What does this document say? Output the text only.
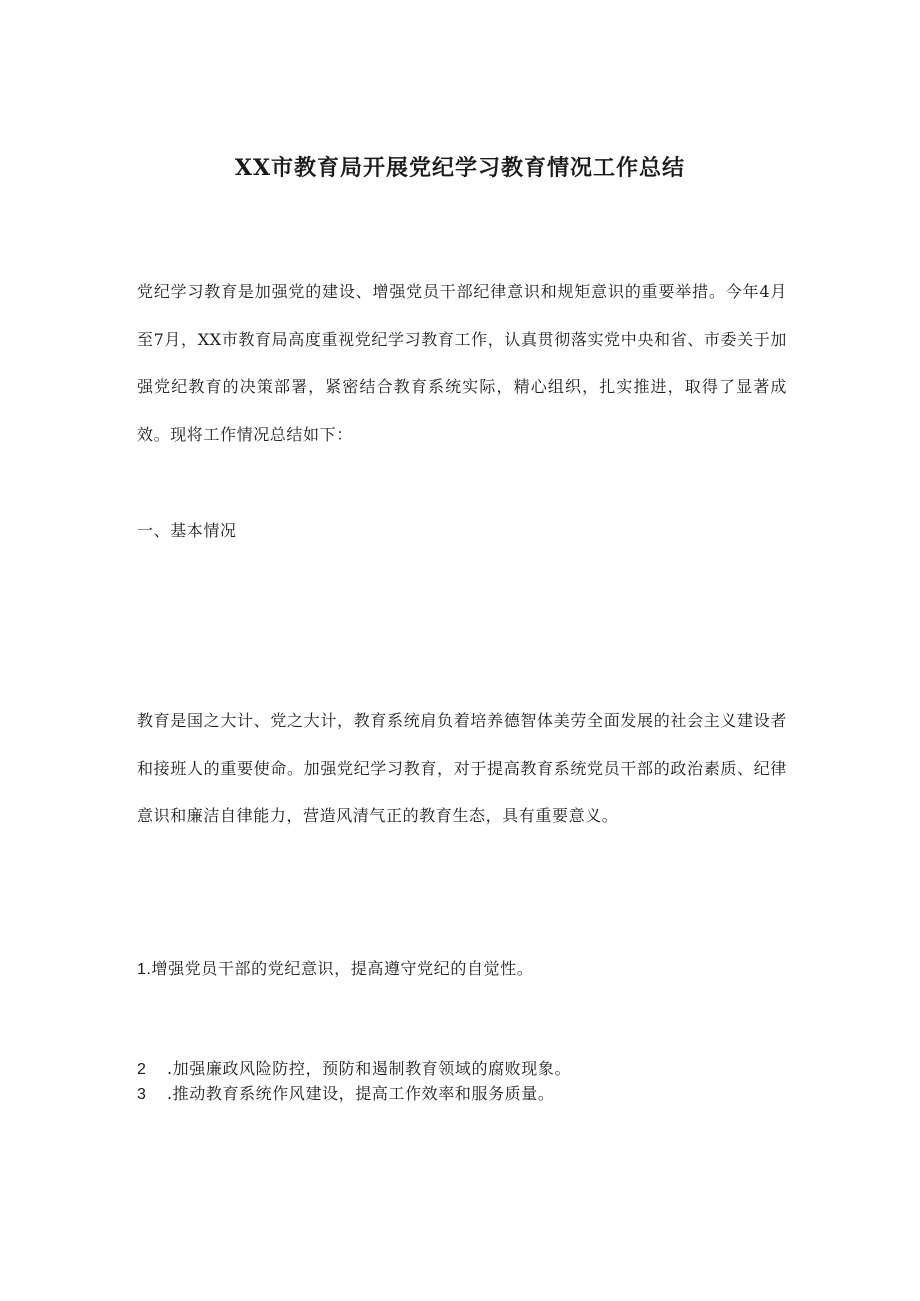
XX市教育局开展党纪学习教育情况工作总结

党纪学习教育是加强党的建设、增强党员干部纪律意识和规矩意识的重要举措。今年4月至7月，XX市教育局高度重视党纪学习教育工作，认真贯彻落实党中央和省、市委关于加强党纪教育的决策部署，紧密结合教育系统实际，精心组织，扎实推进，取得了显著成效。现将工作情况总结如下：

一、基本情况

教育是国之大计、党之大计，教育系统肩负着培养德智体美劳全面发展的社会主义建设者和接班人的重要使命。加强党纪学习教育，对于提高教育系统党员干部的政治素质、纪律意识和廉洁自律能力，营造风清气正的教育生态，具有重要意义。

1.增强党员干部的党纪意识，提高遵守党纪的自觉性。

2 .加强廉政风险防控，预防和遏制教育领域的腐败现象。

3 .推动教育系统作风建设，提高工作效率和服务质量。
